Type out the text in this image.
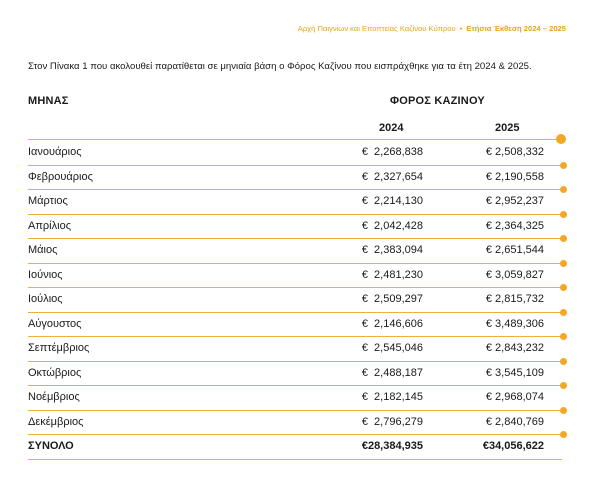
Αρχή Παιγνίων και Εποπτείας Καζίνου Κύπρου • Ετήσια Έκθεση 2024 – 2025
Στον Πίνακα 1 που ακολουθεί παρατίθεται σε μηνιαία βάση ο Φόρος Καζίνου που εισπράχθηκε για τα έτη 2024 & 2025.
ΜΗΝΑΣ	ΦΟΡΟΣ ΚΑΖΙΝΟΥ
2024	2025
Ιανουάριος	€  2,268,838	€ 2,508,332
Φεβρουάριος	€  2,327,654	€ 2,190,558
Μάρτιος	€  2,214,130	€ 2,952,237
Απρίλιος	€  2,042,428	€ 2,364,325
Μάιος	€  2,383,094	€ 2,651,544
Ιούνιος	€  2,481,230	€ 3,059,827
Ιούλιος	€  2,509,297	€ 2,815,732
Αύγουστος	€  2,146,606	€ 3,489,306
Σεπτέμβριος	€  2,545,046	€ 2,843,232
Οκτώβριος	€  2,488,187	€ 3,545,109
Νοέμβριος	€  2,182,145	€ 2,968,074
Δεκέμβριος	€  2,796,279	€ 2,840,769
ΣΥΝΟΛΟ	€28,384,935	€34,056,622
